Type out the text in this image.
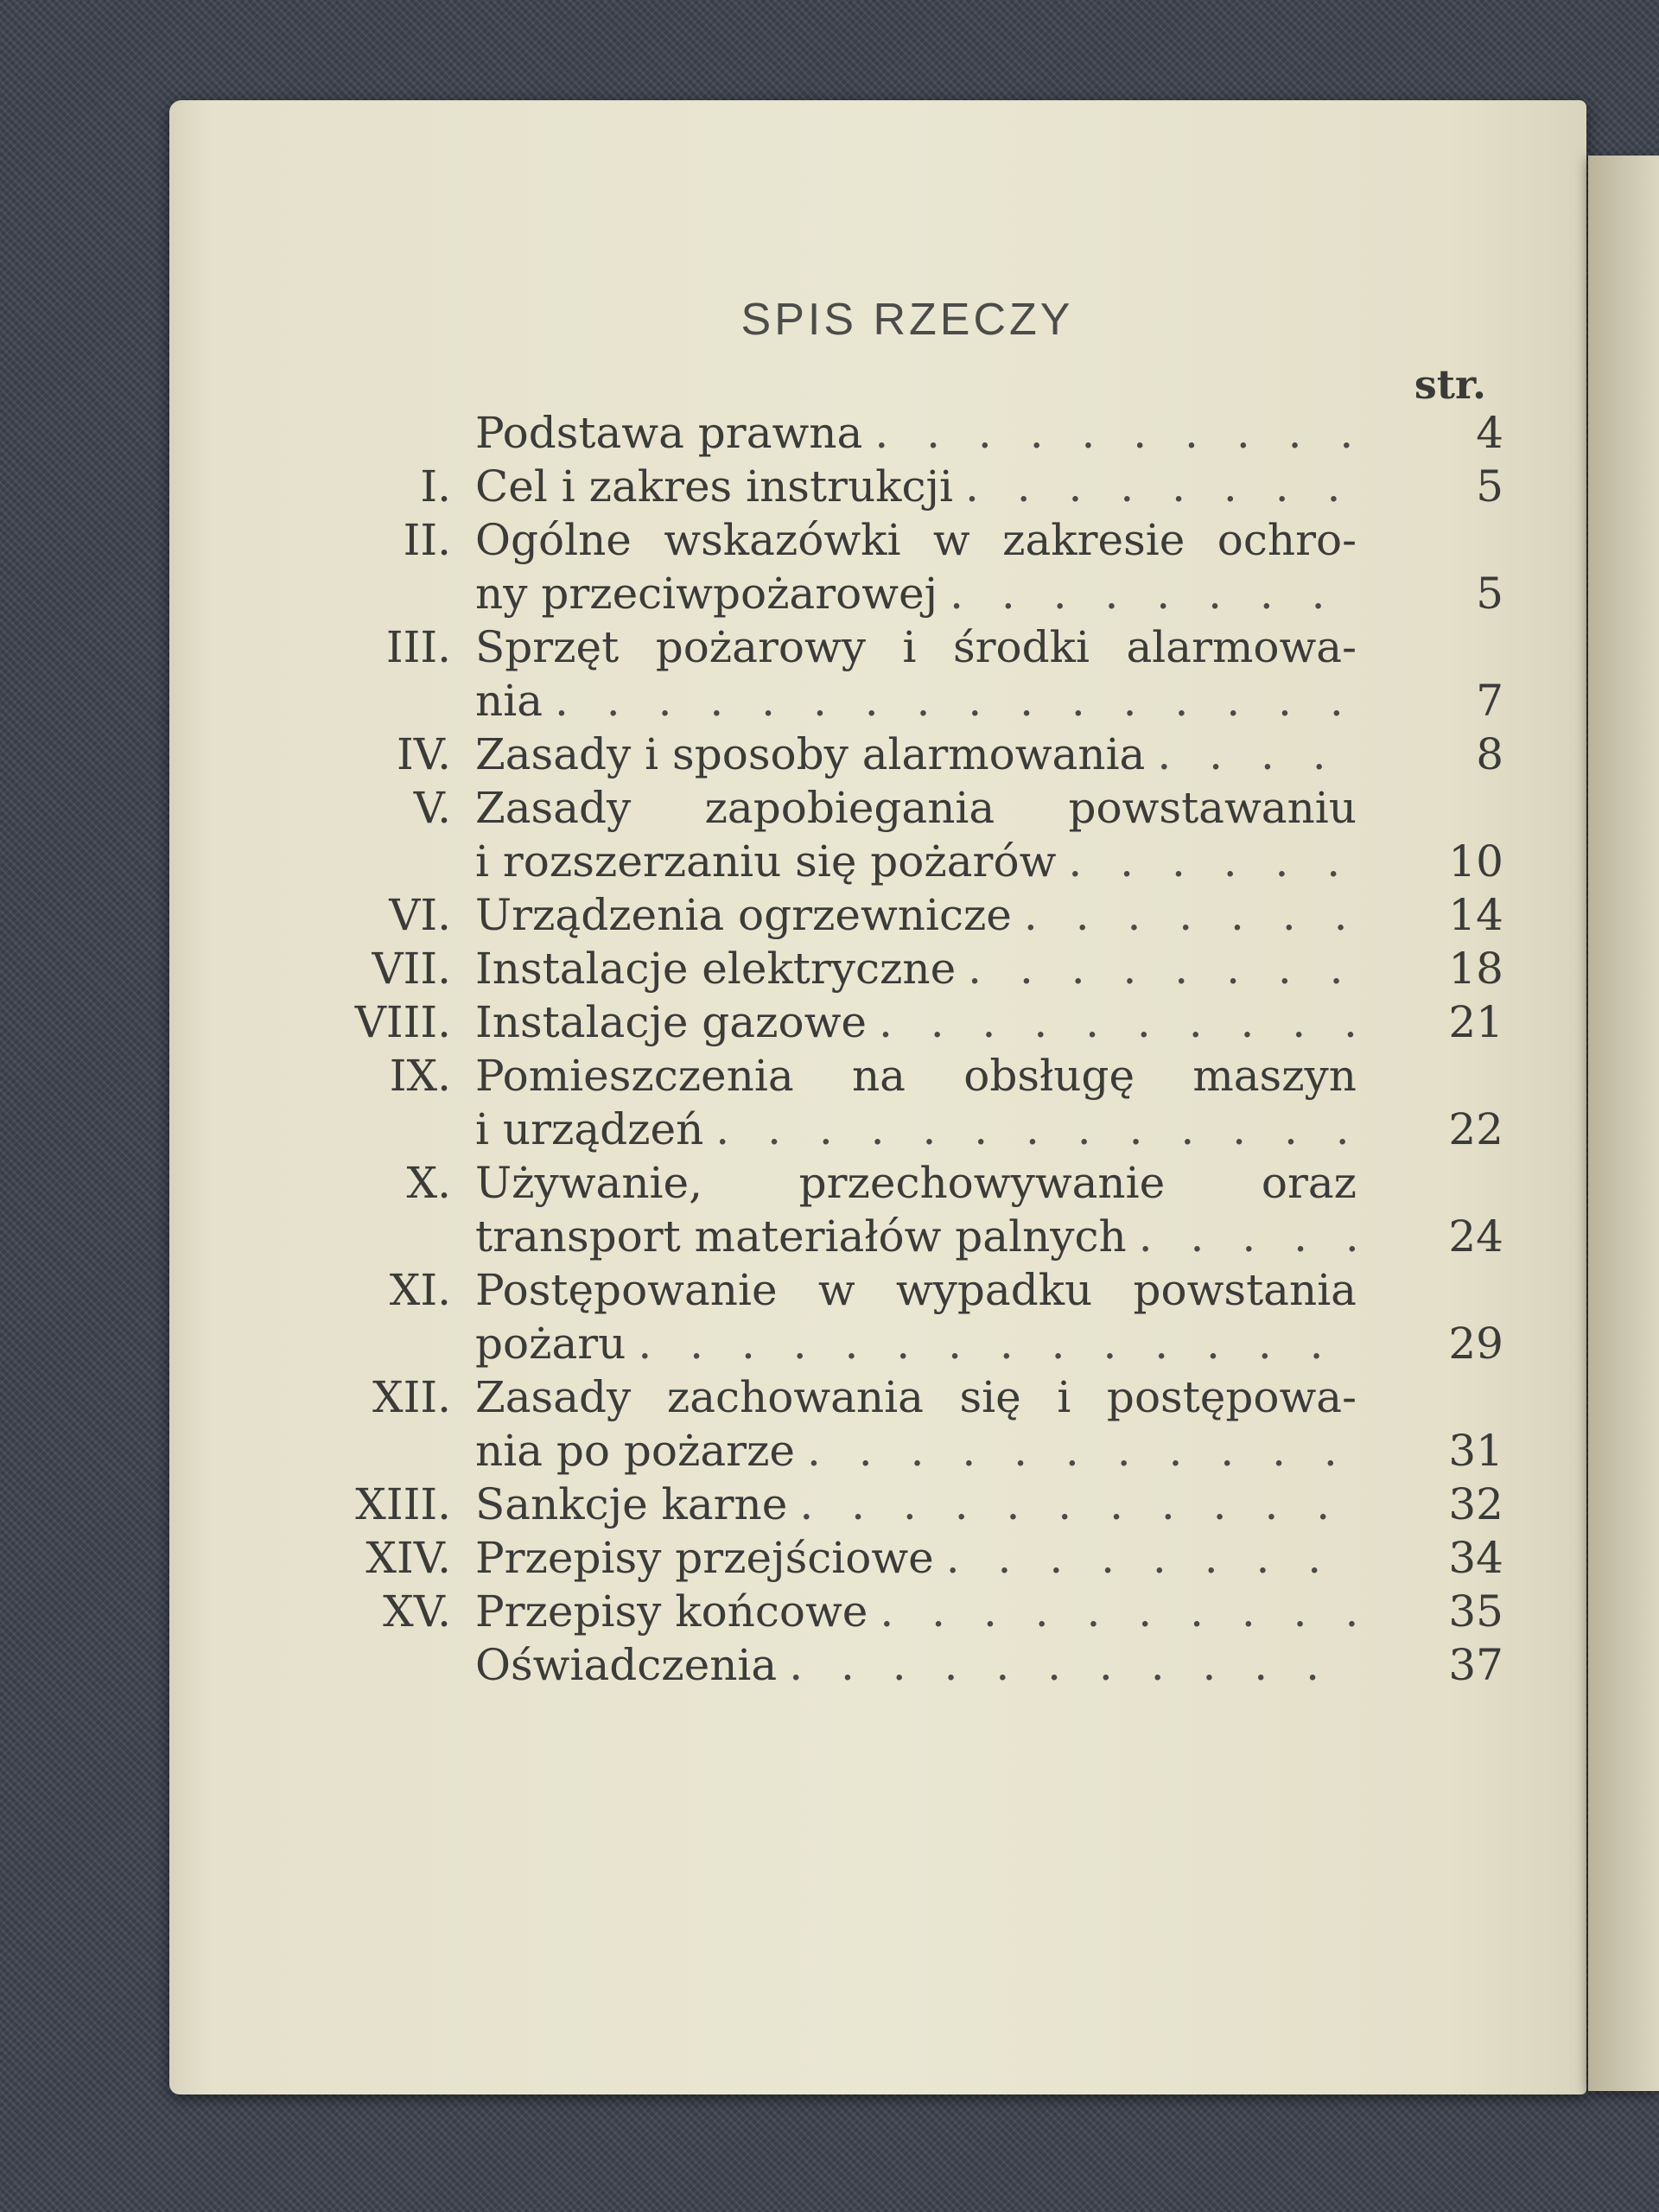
SPIS RZECZY
str.
Podstawa prawna . . .	4
I. Cel i zakres instrukcji . . .	5
II. Ogólne wskazówki w zakresie ochro-
ny przeciwpożarowej . . .	5
III. Sprzęt pożarowy i środki alarmowa-
nia . . .	7
IV. Zasady i sposoby alarmowania . . .	8
V. Zasady zapobiegania powstawaniu
i rozszerzaniu się pożarów . . .	10
VI. Urządzenia ogrzewnicze . . .	14
VII. Instalacje elektryczne . . .	18
VIII. Instalacje gazowe . . .	21
IX. Pomieszczenia na obsługę maszyn
i urządzeń . . .	22
X. Używanie, przechowywanie oraz
transport materiałów palnych . . .	24
XI. Postępowanie w wypadku powstania
pożaru . . .	29
XII. Zasady zachowania się i postępowa-
nia po pożarze . . .	31
XIII. Sankcje karne . . .	32
XIV. Przepisy przejściowe . . .	34
XV. Przepisy końcowe . . .	35
Oświadczenia . . .	37
